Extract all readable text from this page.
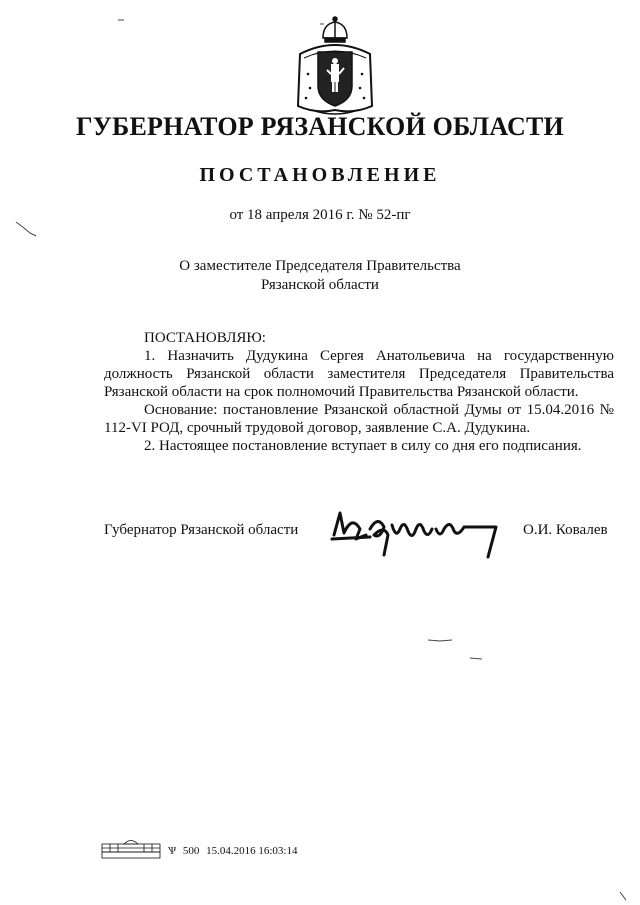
ГУБЕРНАТОР РЯЗАНСКОЙ ОБЛАСТИ
ПОСТАНОВЛЕНИЕ
от 18 апреля 2016 г. № 52-пг
О заместителе Председателя Правительства
Рязанской области

ПОСТАНОВЛЯЮ:

1. Назначить Дудукина Сергея Анатольевича на государственную должность Рязанской области заместителя Председателя Правительства Рязанской области на срок полномочий Правительства Рязанской области.

Основание: постановление Рязанской областной Думы от 15.04.2016 № 112-VI РОД, срочный трудовой договор, заявление С.А. Дудукина.

2. Настоящее постановление вступает в силу со дня его подписания.

Губернатор Рязанской области	О.И. Ковалев
Ѱ 500 15.04.2016 16:03:14
